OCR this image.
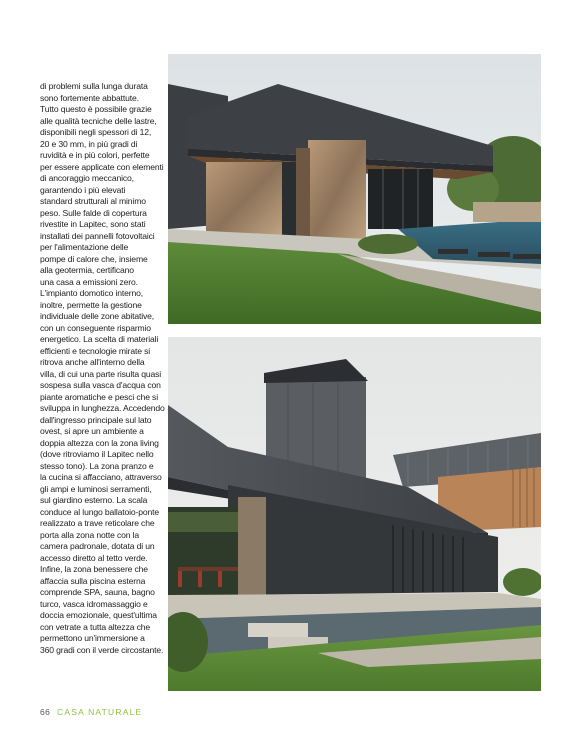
di problemi sulla lunga durata
sono fortemente abbattute.
Tutto questo è possibile grazie
alle qualità tecniche delle lastre,
disponibili negli spessori di 12,
20 e 30 mm, in più gradi di
ruvidità e in più colori, perfette
per essere applicate con elementi
di ancoraggio meccanico,
garantendo i più elevati
standard strutturali al minimo
peso. Sulle falde di copertura
rivestite in Lapitec, sono stati
installati dei pannelli fotovoltaici
per l'alimentazione delle
pompe di calore che, insieme
alla geotermia, certificano
una casa a emissioni zero.
L'impianto domotico interno,
inoltre, permette la gestione
individuale delle zone abitative,
con un conseguente risparmio
energetico. La scelta di materiali
efficienti e tecnologie mirate si
ritrova anche all'interno della
villa, di cui una parte risulta quasi
sospesa sulla vasca d'acqua con
piante aromatiche e pesci che si
sviluppa in lunghezza. Accedendo
dall'ingresso principale sul lato
ovest, si apre un ambiente a
doppia altezza con la zona living
(dove ritroviamo il Lapitec nello
stesso tono). La zona pranzo e
la cucina si affacciano, attraverso
gli ampi e luminosi serramenti,
sul giardino esterno. La scala
conduce al lungo ballatoio-ponte
realizzato a trave reticolare che
porta alla zona notte con la
camera padronale, dotata di un
accesso diretto al tetto verde.
Infine, la zona benessere che
affaccia sulla piscina esterna
comprende SPA, sauna, bagno
turco, vasca idromassaggio e
doccia emozionale, quest'ultima
con vetrate a tutta altezza che
permettono un'immersione a
360 gradi con il verde circostante.
66 CASA NATURALE
